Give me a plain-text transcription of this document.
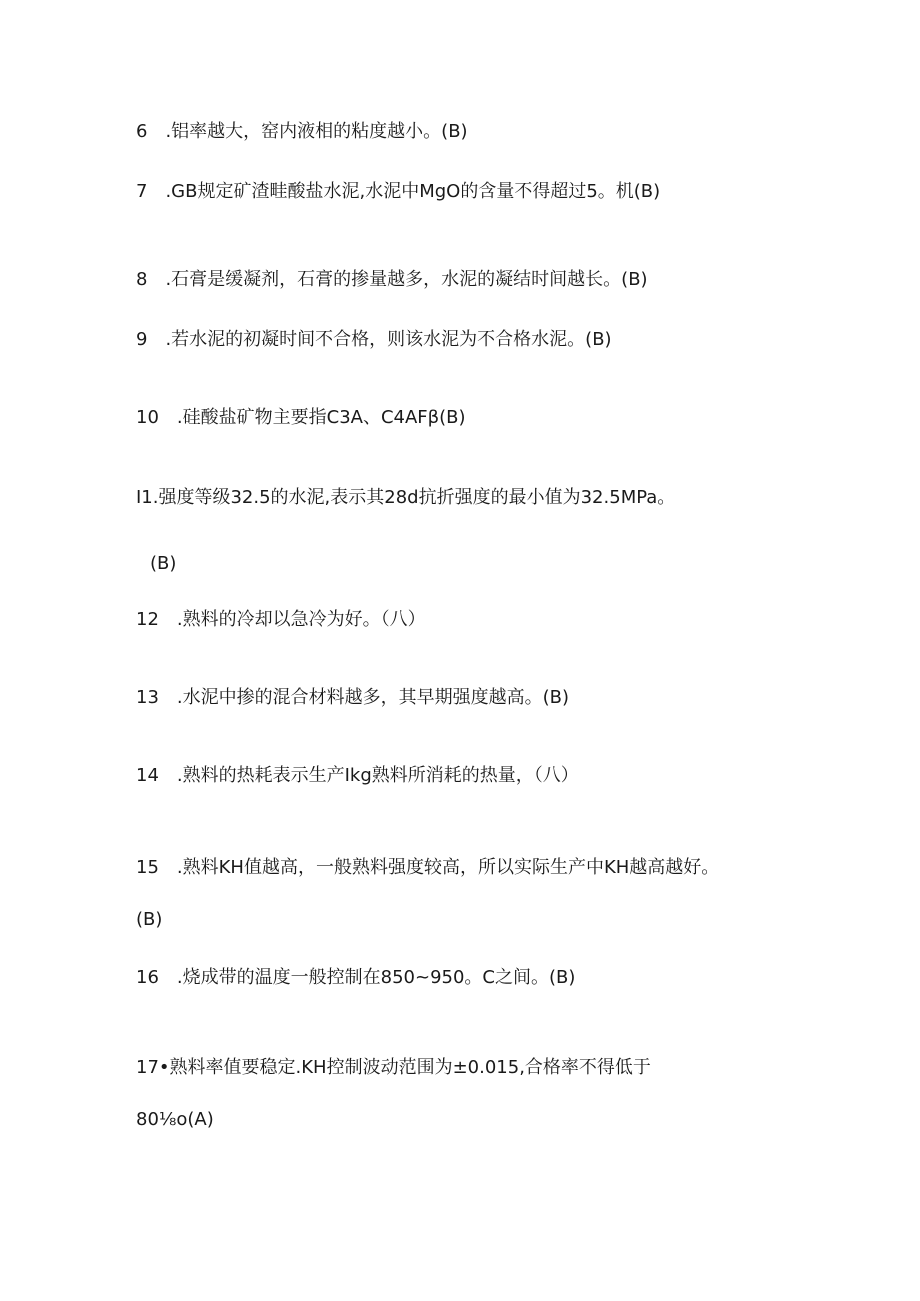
6　.铝率越大，窑内液相的粘度越小。(B)
7　.GB规定矿渣畦酸盐水泥,水泥中MgO的含量不得超过5。机(B)
8　.石膏是缓凝剂，石膏的掺量越多，水泥的凝结时间越长。(B)
9　.若水泥的初凝时间不合格，则该水泥为不合格水泥。(B)
10　.硅酸盐矿物主要指C3A、C4AFβ(B)
I1.强度等级32.5的水泥,表示其28d抗折强度的最小值为32.5MPa。
(B)
12　.熟料的冷却以急冷为好。（八）
13　.水泥中掺的混合材料越多，其早期强度越高。(B)
14　.熟料的热耗表示生产Ikg熟料所消耗的热量，（八）
15　.熟料KH值越高，一般熟料强度较高，所以实际生产中KH越高越好。
(B)
16　.烧成带的温度一般控制在850~950。C之间。(B)
17•熟料率值要稳定.KH控制波动范围为±0.015,合格率不得低于
80⅛o(A)
